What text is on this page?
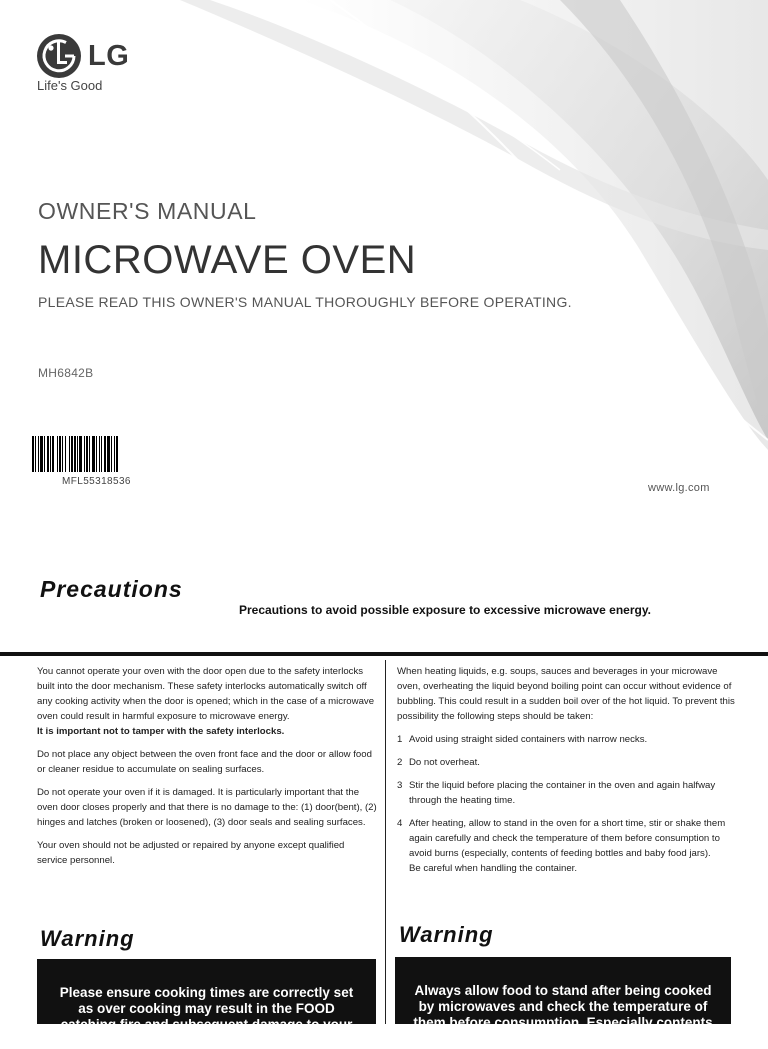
LG
Life's Good
OWNER'S MANUAL
MICROWAVE OVEN
PLEASE READ THIS OWNER'S MANUAL THOROUGHLY BEFORE OPERATING.
MH6842B
MFL55318536
www.lg.com
Precautions
Precautions to avoid possible exposure to excessive microwave energy.

You cannot operate your oven with the door open due to the safety interlocks built into the door mechanism. These safety interlocks automatically switch off any cooking activity when the door is opened; which in the case of a microwave oven could result in harmful exposure to microwave energy.
It is important not to tamper with the safety interlocks.

Do not place any object between the oven front face and the door or allow food or cleaner residue to accumulate on sealing surfaces.

Do not operate your oven if it is damaged. It is particularly important that the oven door closes properly and that there is no damage to the: (1) door(bent), (2) hinges and latches (broken or loosened), (3) door seals and sealing surfaces.

Your oven should not be adjusted or repaired by anyone except qualified service personnel.

When heating liquids, e.g. soups, sauces and beverages in your microwave oven, overheating the liquid beyond boiling point can occur without evidence of bubbling. This could result in a sudden boil over of the hot liquid. To prevent this possibility the following steps should be taken:

1 Avoid using straight sided containers with narrow necks.
2 Do not overheat.
3 Stir the liquid before placing the container in the oven and again halfway through the heating time.
4 After heating, allow to stand in the oven for a short time, stir or shake them again carefully and check the temperature of them before consumption to avoid burns (especially, contents of feeding bottles and baby food jars).
Be careful when handling the container.
Warning
Please ensure cooking times are correctly set as over cooking may result in the FOOD catching fire and subsequent damage to your oven.
Warning
Always allow food to stand after being cooked by microwaves and check the temperature of them before consumption. Especially contents of feeding
